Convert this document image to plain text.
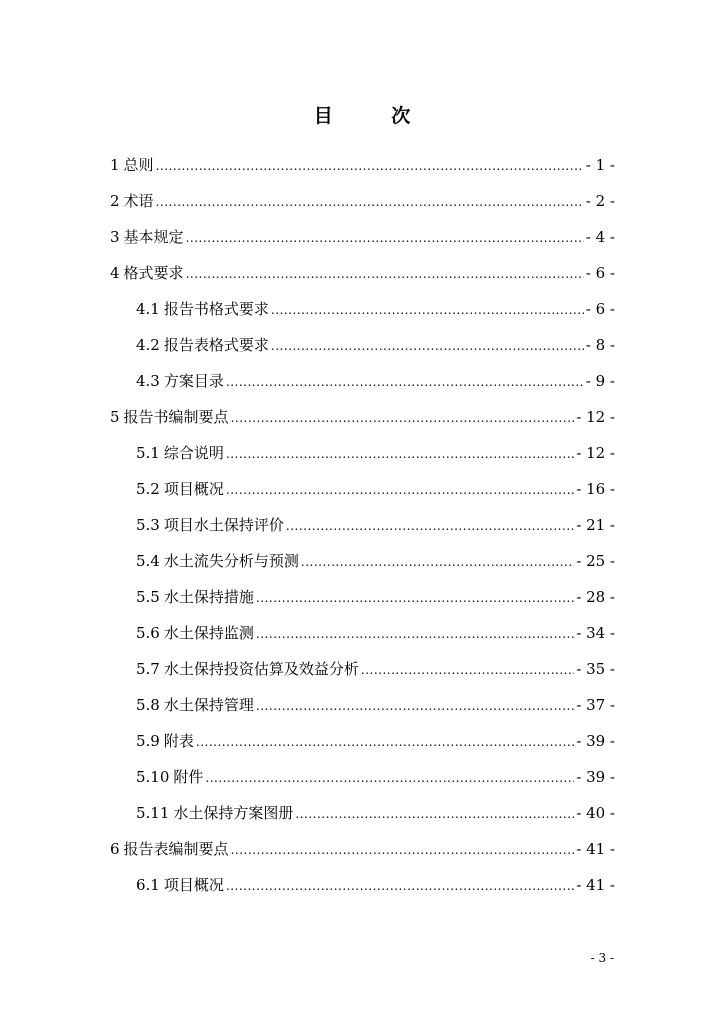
目 次
1 总则 .....	- 1 -
2 术语 .....	- 2 -
3 基本规定 .....	- 4 -
4 格式要求 .....	- 6 -
4.1 报告书格式要求 .....	- 6 -
4.2 报告表格式要求 .....	- 8 -
4.3 方案目录 .....	- 9 -
5 报告书编制要点 .....	- 12 -
5.1 综合说明 .....	- 12 -
5.2 项目概况 .....	- 16 -
5.3 项目水土保持评价 .....	- 21 -
5.4 水土流失分析与预测 .....	- 25 -
5.5 水土保持措施 .....	- 28 -
5.6 水土保持监测 .....	- 34 -
5.7 水土保持投资估算及效益分析 .....	- 35 -
5.8 水土保持管理 .....	- 37 -
5.9 附表 .....	- 39 -
5.10 附件 .....	- 39 -
5.11 水土保持方案图册 .....	- 40 -
6 报告表编制要点 .....	- 41 -
6.1 项目概况 .....	- 41 -
- 3 -
